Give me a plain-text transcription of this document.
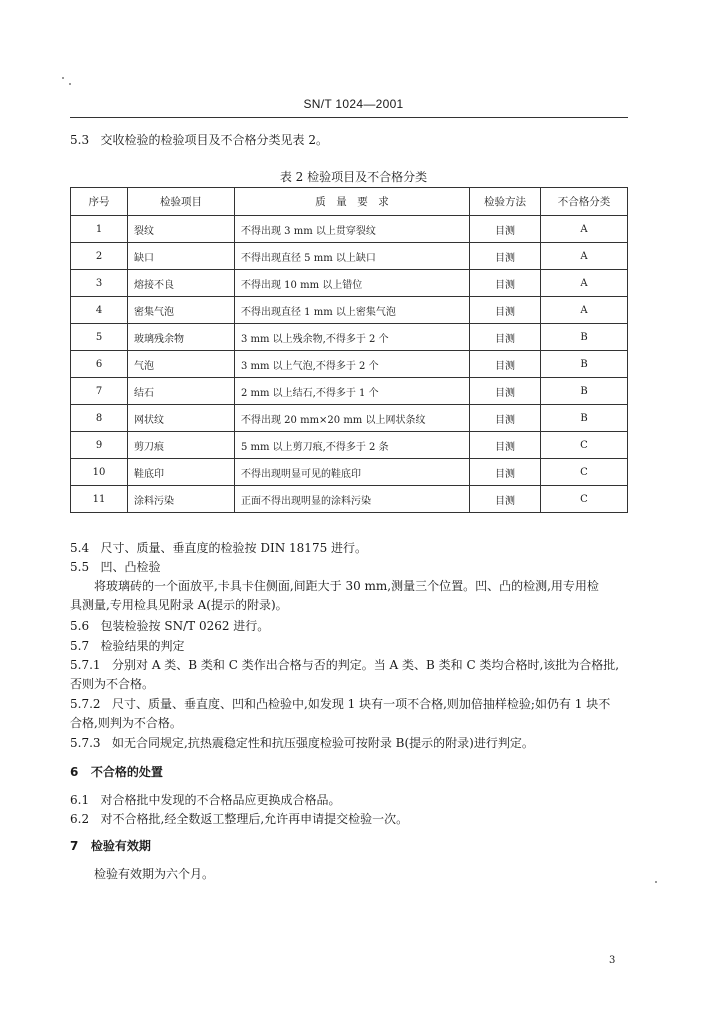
SN/T 1024—2001
5.3 交收检验的检验项目及不合格分类见表 2。
表 2 检验项目及不合格分类
序号	检验项目	质　量　要　求	检验方法	不合格分类
1	裂纹	不得出现 3 mm 以上贯穿裂纹	目测	A
2	缺口	不得出现直径 5 mm 以上缺口	目测	A
3	熔接不良	不得出现 10 mm 以上错位	目测	A
4	密集气泡	不得出现直径 1 mm 以上密集气泡	目测	A
5	玻璃残余物	3 mm 以上残余物,不得多于 2 个	目测	B
6	气泡	3 mm 以上气泡,不得多于 2 个	目测	B
7	结石	2 mm 以上结石,不得多于 1 个	目测	B
8	网状纹	不得出现 20 mm×20 mm 以上网状条纹	目测	B
9	剪刀痕	5 mm 以上剪刀痕,不得多于 2 条	目测	C
10	鞋底印	不得出现明显可见的鞋底印	目测	C
11	涂料污染	正面不得出现明显的涂料污染	目测	C
5.4 尺寸、质量、垂直度的检验按 DIN 18175 进行。
5.5 凹、凸检验
将玻璃砖的一个面放平,卡具卡住侧面,间距大于 30 mm,测量三个位置。凹、凸的检测,用专用检
具测量,专用检具见附录 A(提示的附录)。
5.6 包装检验按 SN/T 0262 进行。
5.7 检验结果的判定
5.7.1 分别对 A 类、B 类和 C 类作出合格与否的判定。当 A 类、B 类和 C 类均合格时,该批为合格批,
否则为不合格。
5.7.2 尺寸、质量、垂直度、凹和凸检验中,如发现 1 块有一项不合格,则加倍抽样检验;如仍有 1 块不
合格,则判为不合格。
5.7.3 如无合同规定,抗热震稳定性和抗压强度检验可按附录 B(提示的附录)进行判定。
6 不合格的处置
6.1 对合格批中发现的不合格品应更换成合格品。
6.2 对不合格批,经全数返工整理后,允许再申请提交检验一次。
7 检验有效期
检验有效期为六个月。
3
